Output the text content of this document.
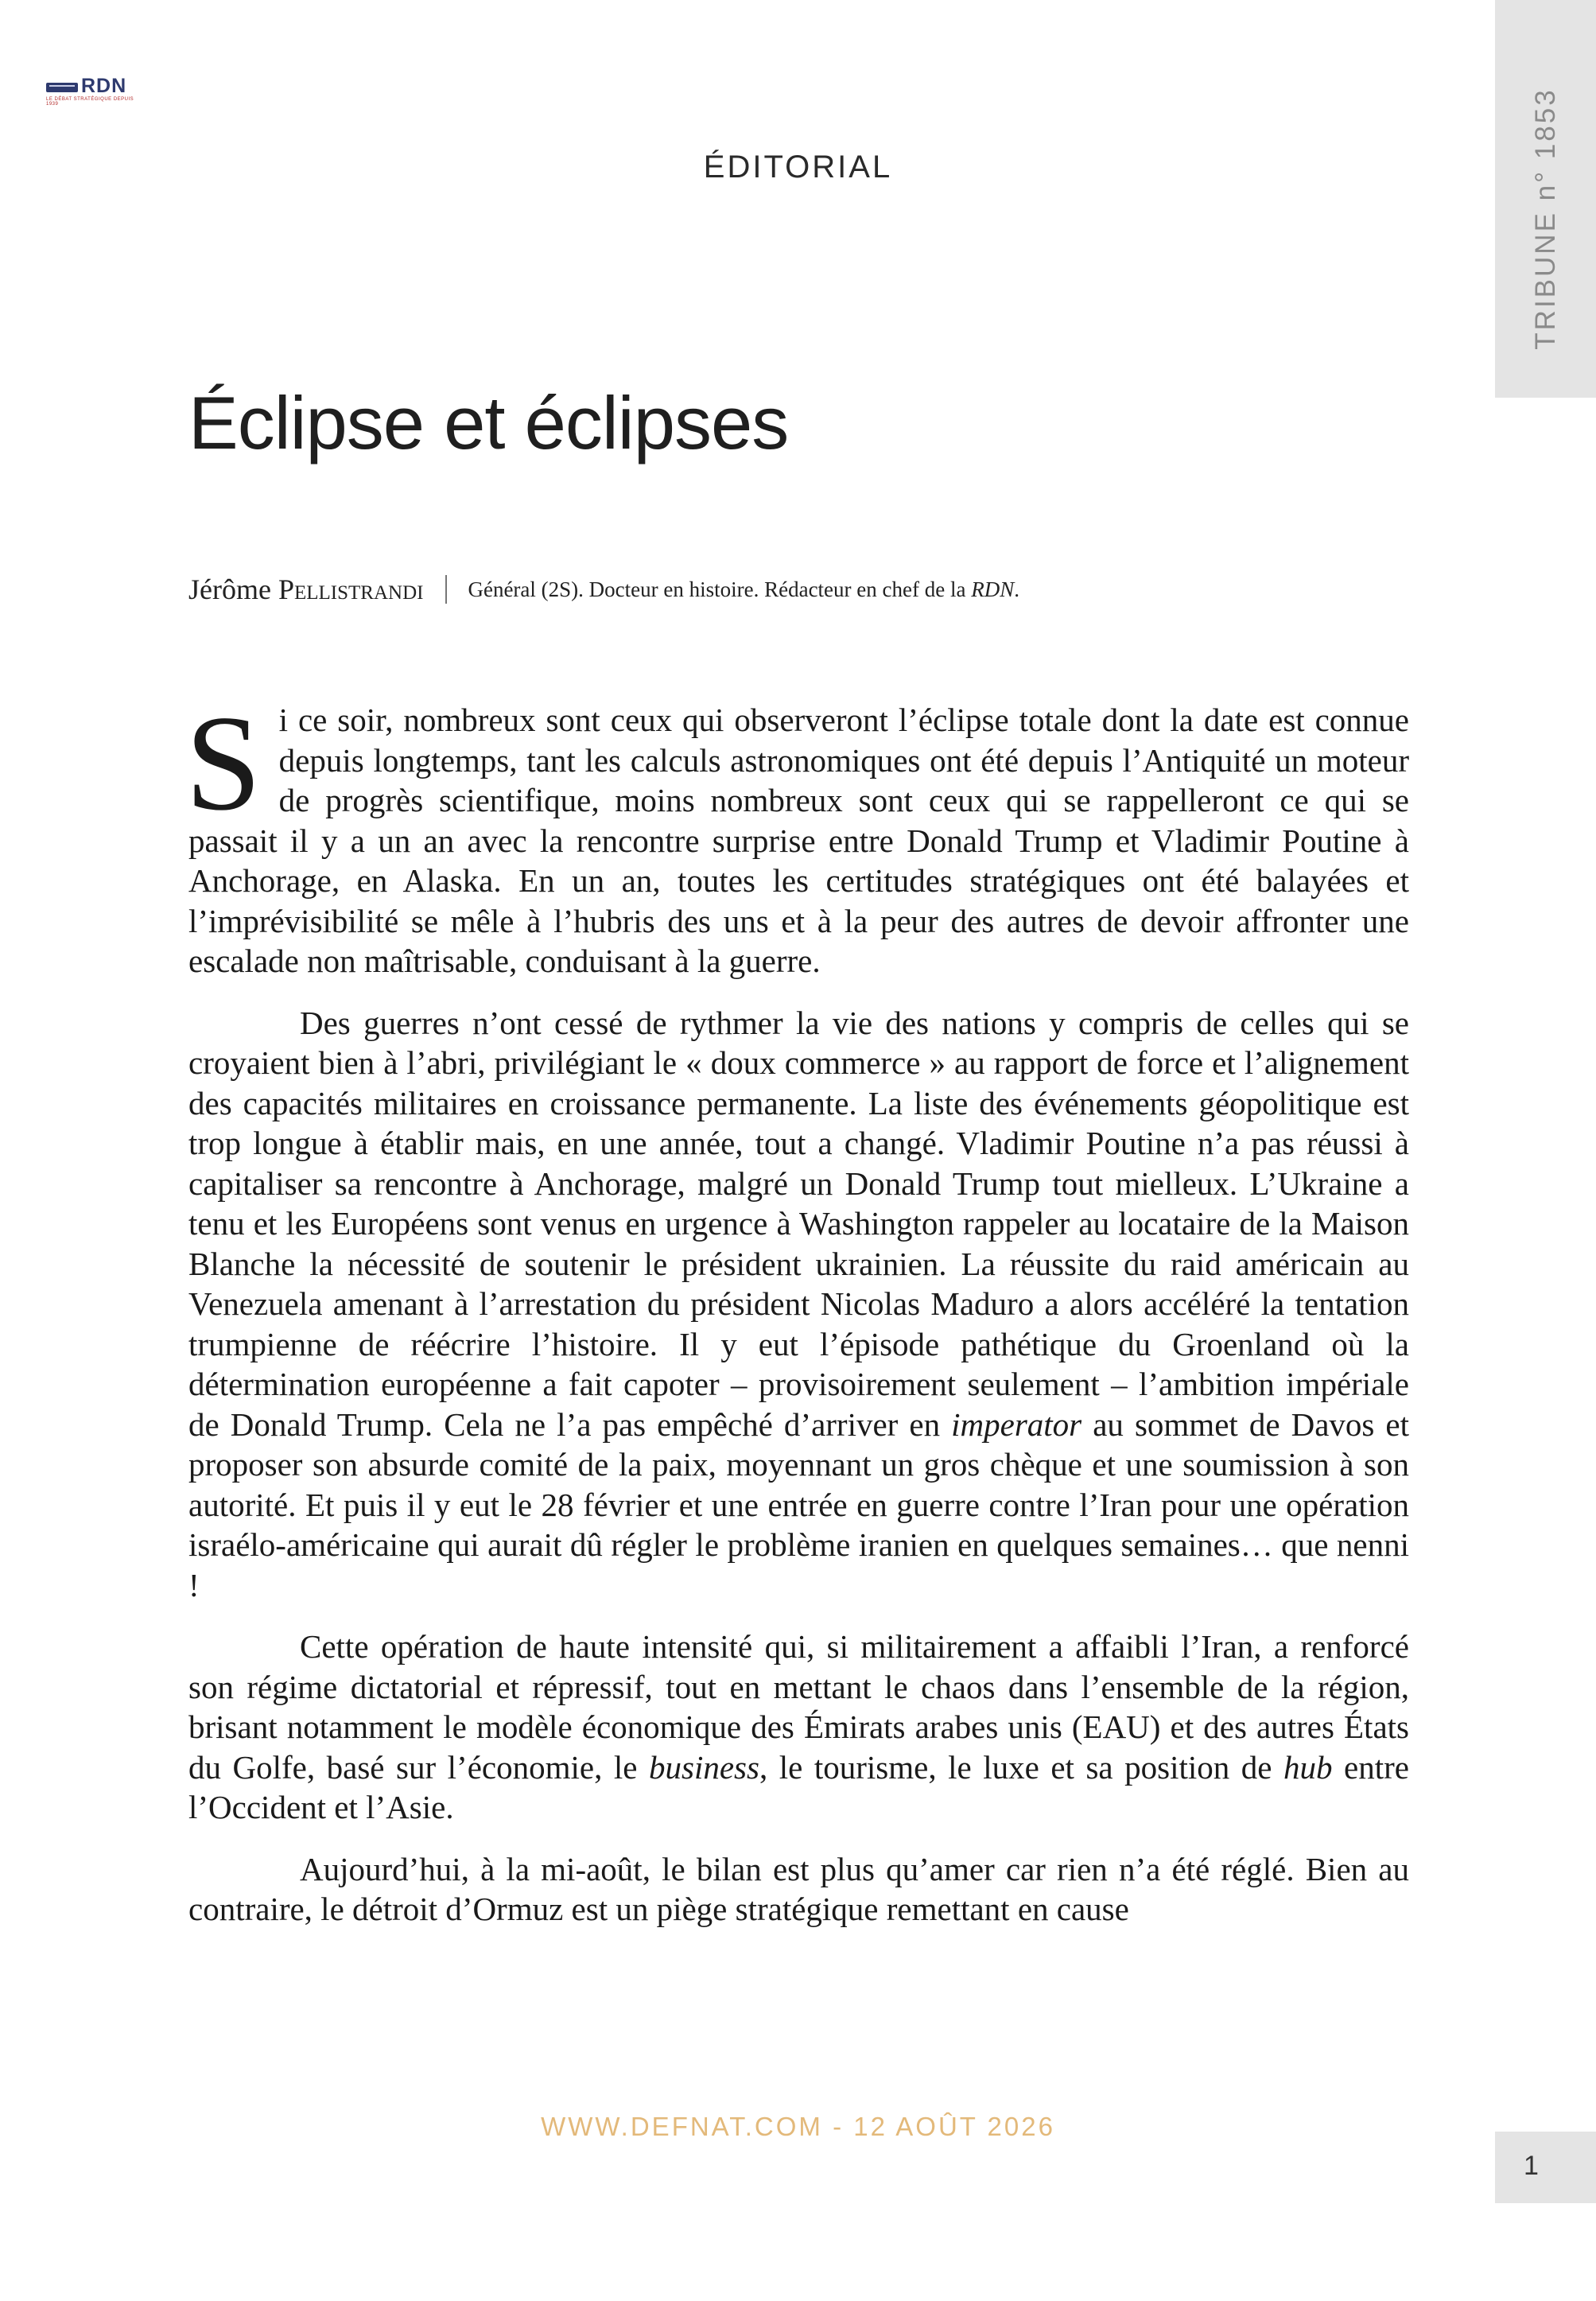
RDN
LE DÉBAT STRATÉGIQUE DEPUIS 1939
ÉDITORIAL	TRIBUNE n° 1853
Éclipse et éclipses
Jérôme Pellistrandi Général (2S). Docteur en histoire. Rédacteur en chef de la RDN.

Si ce soir, nombreux sont ceux qui observeront l’éclipse totale dont la date est connue depuis longtemps, tant les calculs astronomiques ont été depuis l’Antiquité un moteur de progrès scientifique, moins nombreux sont ceux qui se rappelleront ce qui se passait il y a un an avec la rencontre surprise entre Donald Trump et Vladimir Poutine à Anchorage, en Alaska. En un an, toutes les certitudes stratégiques ont été balayées et l’imprévisibilité se mêle à l’hubris des uns et à la peur des autres de devoir affronter une escalade non maîtrisable, conduisant à la guerre.

Des guerres n’ont cessé de rythmer la vie des nations y compris de celles qui se croyaient bien à l’abri, privilégiant le « doux commerce » au rapport de force et l’alignement des capacités militaires en croissance permanente. La liste des événements géopolitique est trop longue à établir mais, en une année, tout a changé. Vladimir Poutine n’a pas réussi à capitaliser sa rencontre à Anchorage, malgré un Donald Trump tout mielleux. L’Ukraine a tenu et les Européens sont venus en urgence à Washington rappeler au locataire de la Maison Blanche la nécessité de soutenir le président ukrainien. La réussite du raid américain au Venezuela amenant à l’arrestation du président Nicolas Maduro a alors accéléré la tentation trumpienne de réécrire l’histoire. Il y eut l’épisode pathétique du Groenland où la détermination européenne a fait capoter – provisoirement seulement – l’ambition impériale de Donald Trump. Cela ne l’a pas empêché d’arriver en imperator au sommet de Davos et proposer son absurde comité de la paix, moyennant un gros chèque et une soumission à son autorité. Et puis il y eut le 28 février et une entrée en guerre contre l’Iran pour une opération israélo-américaine qui aurait dû régler le problème iranien en quelques semaines… que nenni !

Cette opération de haute intensité qui, si militairement a affaibli l’Iran, a renforcé son régime dictatorial et répressif, tout en mettant le chaos dans l’ensemble de la région, brisant notamment le modèle économique des Émirats arabes unis (EAU) et des autres États du Golfe, basé sur l’économie, le business, le tourisme, le luxe et sa position de hub entre l’Occident et l’Asie.

Aujourd’hui, à la mi-août, le bilan est plus qu’amer car rien n’a été réglé. Bien au contraire, le détroit d’Ormuz est un piège stratégique remettant en cause

WWW.DEFNAT.COM - 12 AOÛT 2026
1
